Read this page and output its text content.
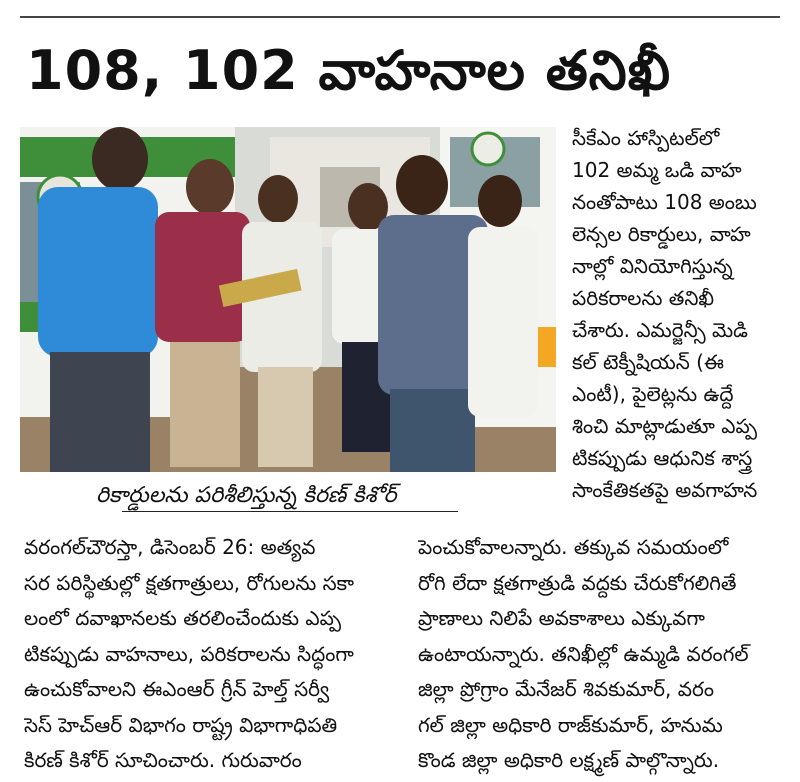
108, 102 వాహనాల తనిఖీ
రికార్డులను పరిశీలిస్తున్న కిరణ్ కిశోర్
సీకేఎం హాస్పిటల్‌లో
102 అమ్మ ఒడి వాహ
నంతోపాటు 108 అంబు
లెన్సల రికార్డులు, వాహ
నాల్లో వినియోగిస్తున్న
పరికరాలను తనిఖీ
చేశారు. ఎమర్జెన్సీ మెడి
కల్ టెక్నీషియన్ (ఈ
ఎంటీ), పైలెట్లను ఉద్దే
శించి మాట్లాడుతూ ఎప్ప
టికప్పుడు ఆధునిక శాస్త్ర
సాంకేతికతపై అవగాహన
వరంగల్‌చౌరస్తా, డిసెంబర్ 26: అత్యవ
సర పరిస్థితుల్లో క్షతగాత్రులు, రోగులను సకా
లంలో దవాఖానలకు తరలించేందుకు ఎప్ప
టికప్పుడు వాహనాలు, పరికరాలను సిద్ధంగా
ఉంచుకోవాలని ఈఎంఆర్ గ్రీన్ హెల్త్ సర్వీ
సెస్ హెచ్ఆర్ విభాగం రాష్ట్ర విభాగాధిపతి
కిరణ్ కిశోర్ సూచించారు. గురువారం
పెంచుకోవాలన్నారు. తక్కువ సమయంలో
రోగి లేదా క్షతగాత్రుడి వద్దకు చేరుకోగలిగితే
ప్రాణాలు నిలిపే అవకాశాలు ఎక్కువగా
ఉంటాయన్నారు. తనిఖీల్లో ఉమ్మడి వరంగల్
జిల్లా ప్రోగ్రాం మేనేజర్ శివకుమార్, వరం
గల్ జిల్లా అధికారి రాజ్‌కుమార్, హనుమ
కొండ జిల్లా అధికారి లక్ష్మణ్ పాల్గొన్నారు.
